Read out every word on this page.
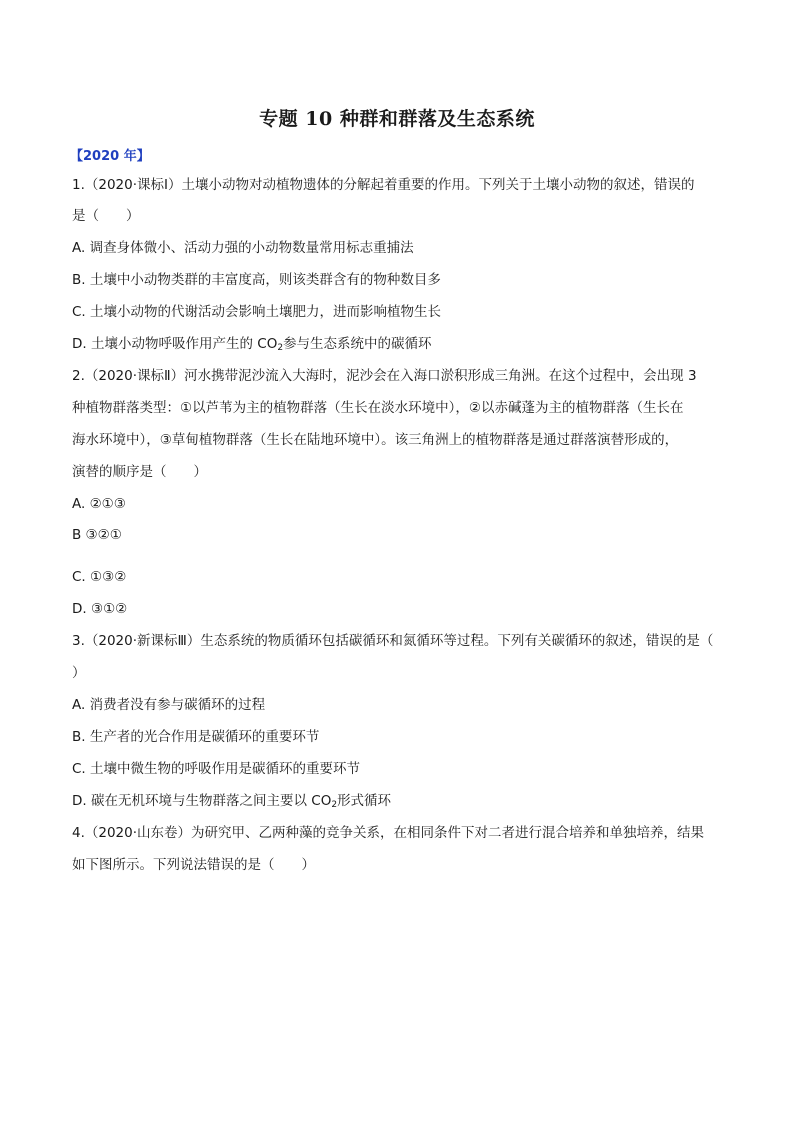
专题 10 种群和群落及生态系统
【2020 年】
1.（2020·课标Ⅰ）土壤小动物对动植物遗体的分解起着重要的作用。下列关于土壤小动物的叙述，错误的
是（　　）
A. 调查身体微小、活动力强的小动物数量常用标志重捕法
B. 土壤中小动物类群的丰富度高，则该类群含有的物种数目多
C. 土壤小动物的代谢活动会影响土壤肥力，进而影响植物生长
D. 土壤小动物呼吸作用产生的 $CO_2$参与生态系统中的碳循环
2.（2020·课标Ⅱ）河水携带泥沙流入大海时，泥沙会在入海口淤积形成三角洲。在这个过程中，会出现 3
种植物群落类型：①以芦苇为主的植物群落（生长在淡水环境中），②以赤碱蓬为主的植物群落（生长在
海水环境中），③草甸植物群落（生长在陆地环境中）。该三角洲上的植物群落是通过群落演替形成的，
演替的顺序是（　　）
A. ②①③
B ③②①
C. ①③②
D. ③①②
3.（2020·新课标Ⅲ）生态系统的物质循环包括碳循环和氮循环等过程。下列有关碳循环的叙述，错误的是（
）
A. 消费者没有参与碳循环的过程
B. 生产者的光合作用是碳循环的重要环节
C. 土壤中微生物的呼吸作用是碳循环的重要环节
D. 碳在无机环境与生物群落之间主要以 $CO_2$形式循环
4.（2020·山东卷）为研究甲、乙两种藻的竞争关系，在相同条件下对二者进行混合培养和单独培养，结果
如下图所示。下列说法错误的是（　　）
